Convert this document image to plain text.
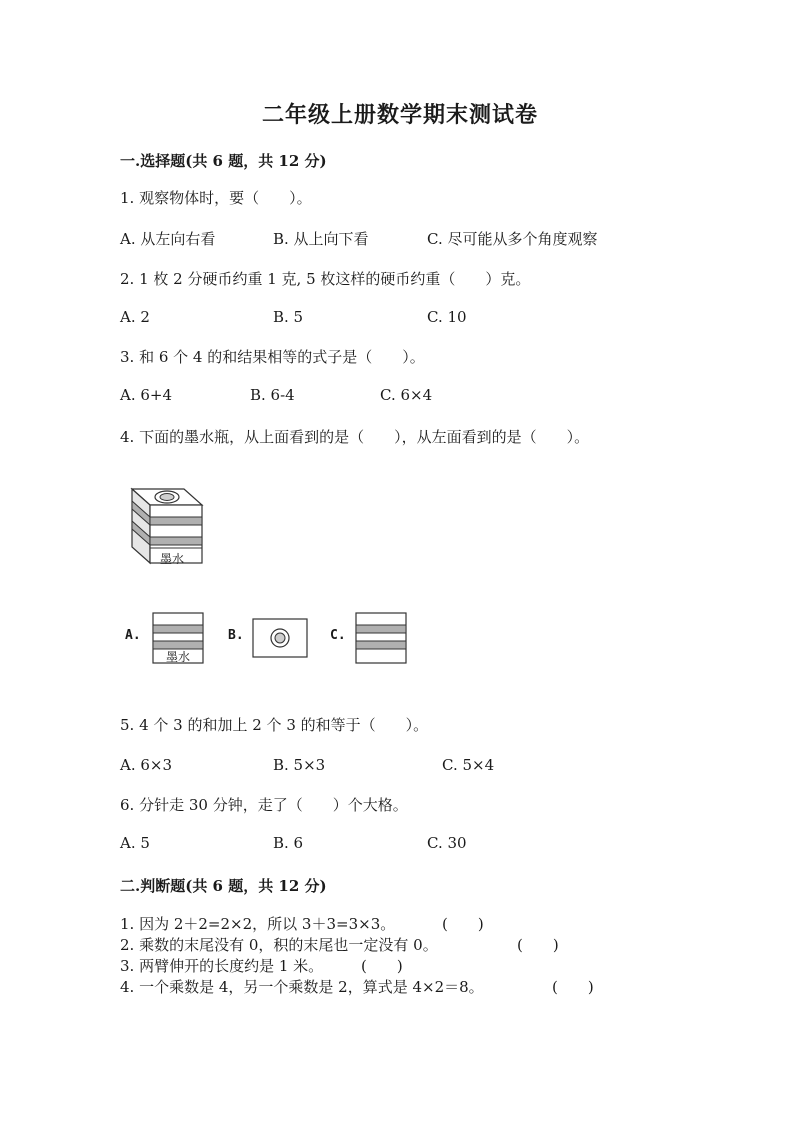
二年级上册数学期末测试卷
一.选择题(共 6 题，共 12 分)
1. 观察物体时，要（　　）。
A. 从左向右看	B. 从上向下看	C. 尽可能从多个角度观察
2. 1 枚 2 分硬币约重 1 克, 5 枚这样的硬币约重（　　）克。
A. 2	B. 5	C. 10
3. 和 6 个 4 的和结果相等的式子是（　　）。
A. 6+4	B. 6-4	C. 6×4
4. 下面的墨水瓶，从上面看到的是（　　），从左面看到的是（　　）。
墨水
A.
墨水
B.	C.
5. 4 个 3 的和加上 2 个 3 的和等于（　　）。
A. 6×3	B. 5×3	C. 5×4
6. 分针走 30 分钟，走了（　　）个大格。
A. 5	B. 6	C. 30
二.判断题(共 6 题，共 12 分)
1. 因为 2＋2=2×2，所以 3＋3=3×3。	(　　)
2. 乘数的末尾没有 0，积的末尾也一定没有 0。	(　　)
3. 两臂伸开的长度约是 1 米。	(　　)
4. 一个乘数是 4，另一个乘数是 2，算式是 4×2＝8。	(　　)
